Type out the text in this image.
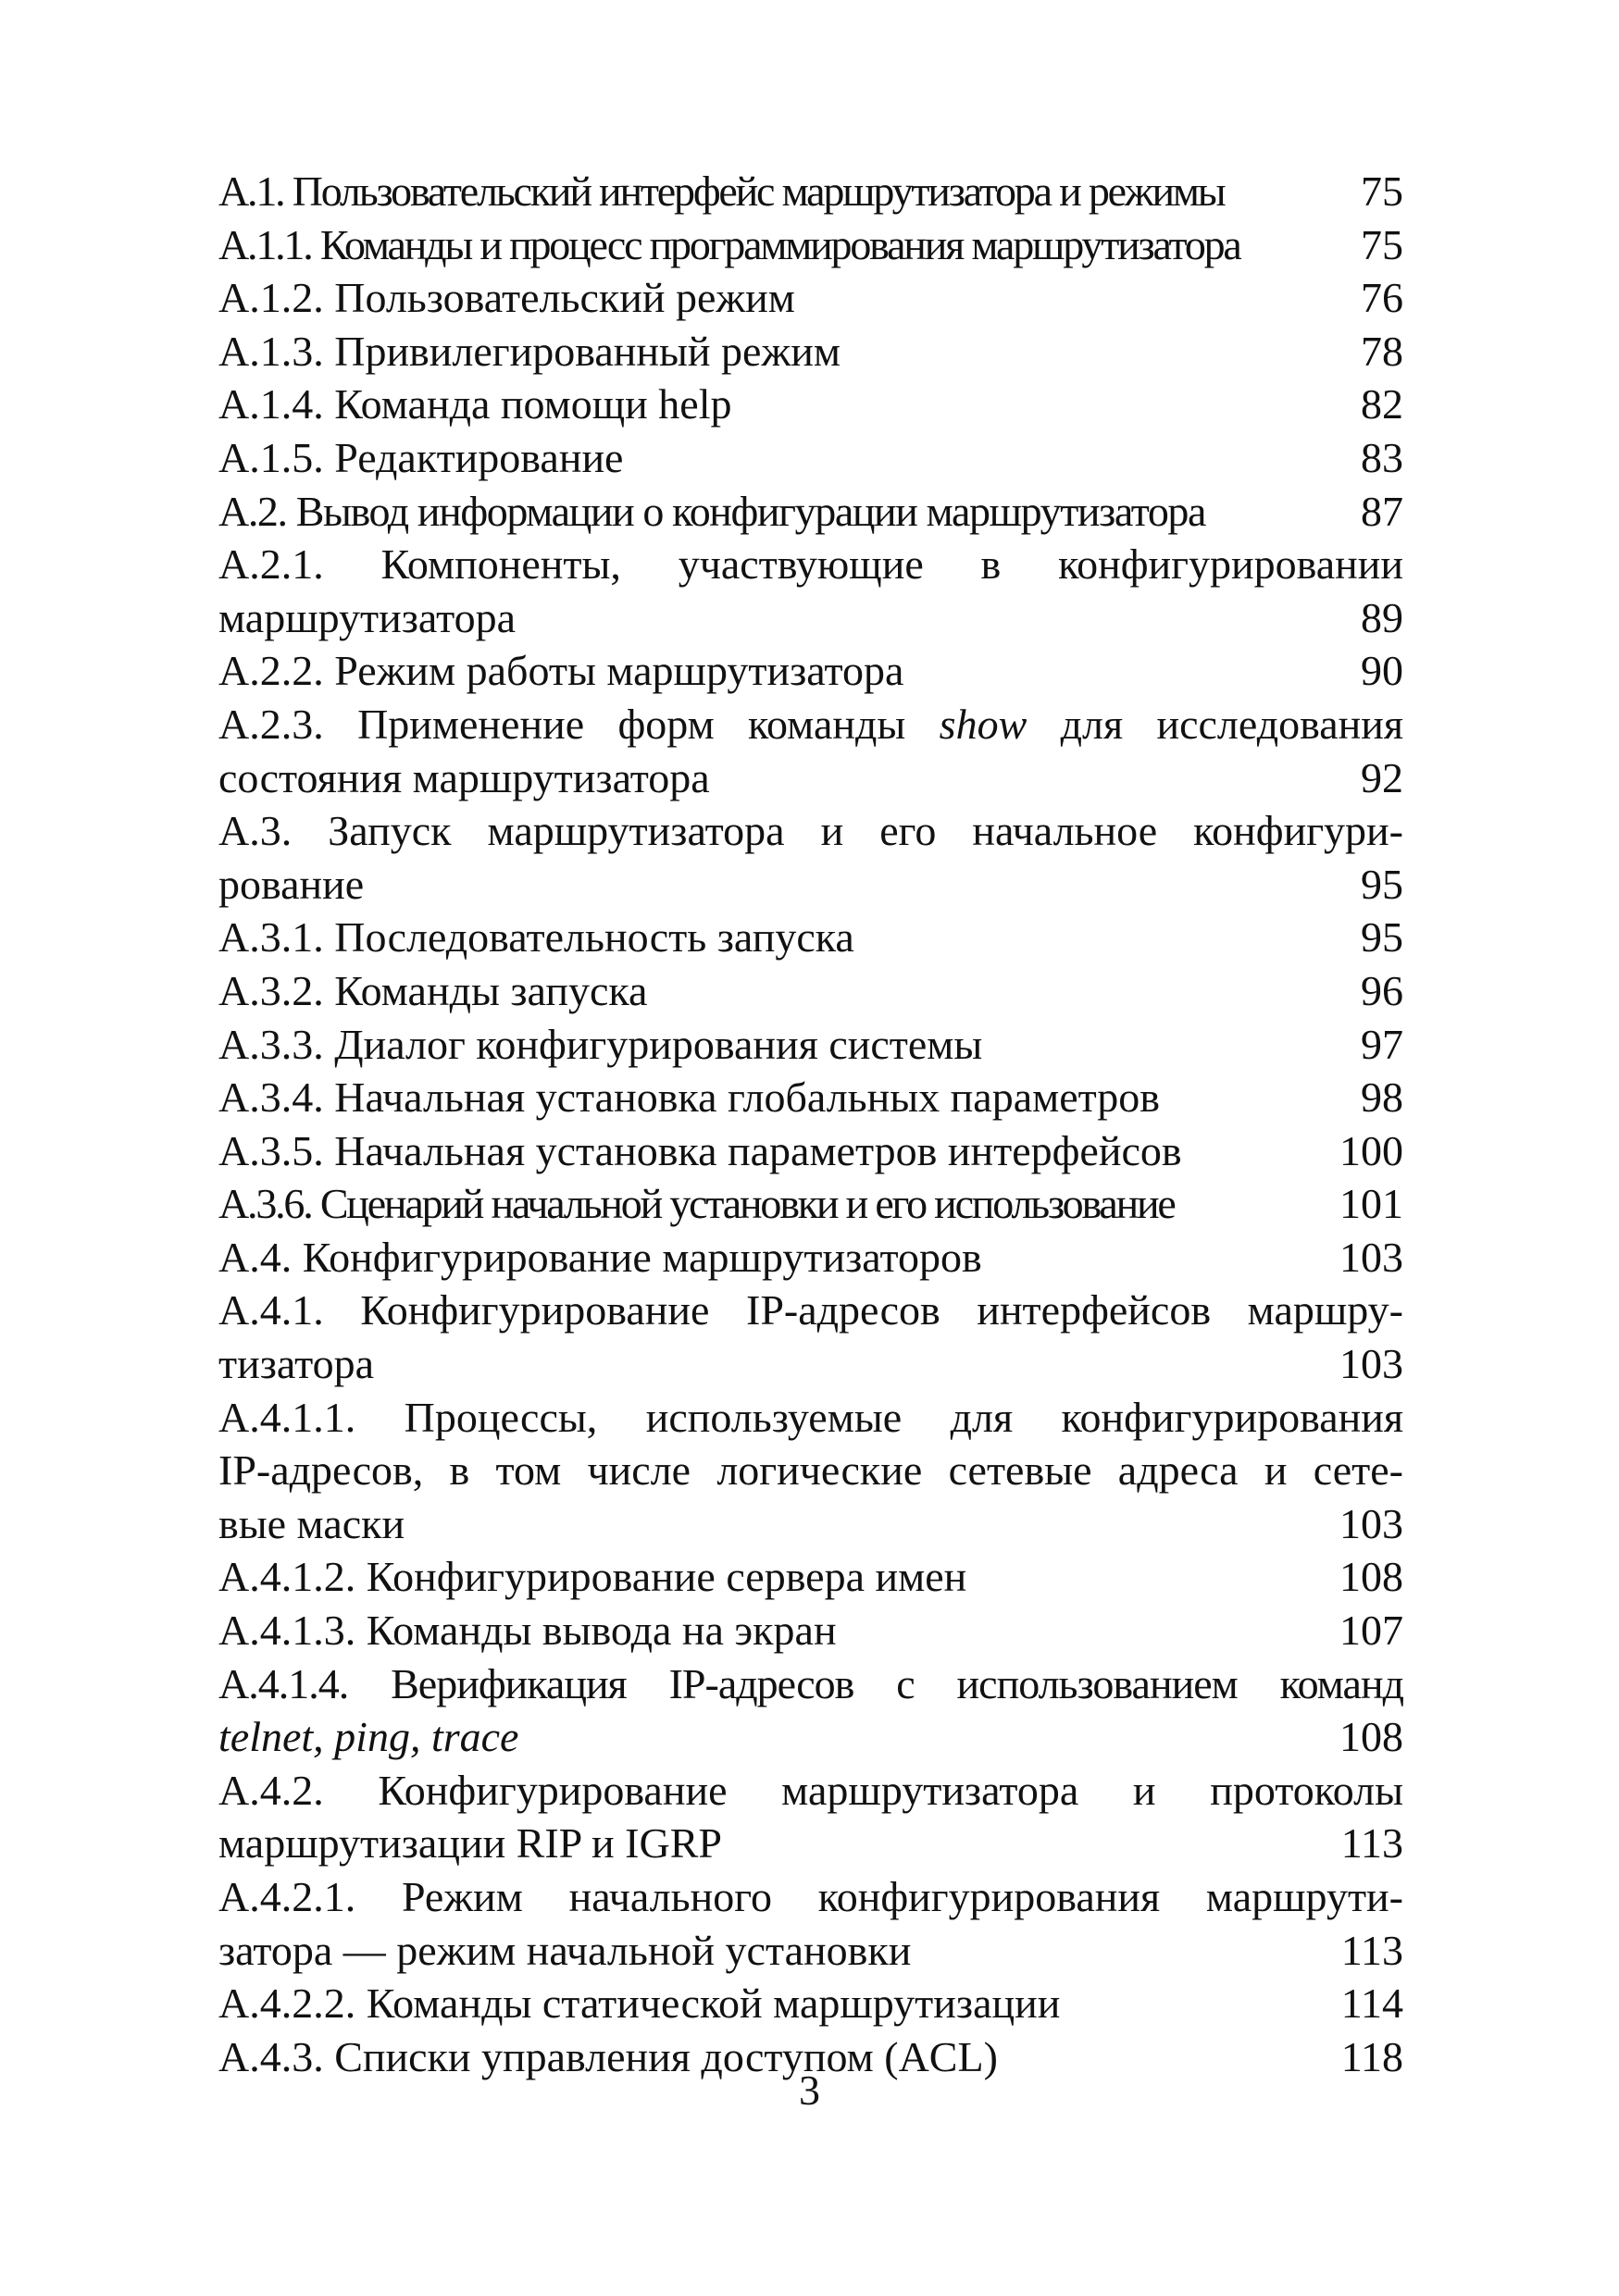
А.1. Пользовательский интерфейс маршрутизатора и режимы	75
А.1.1. Команды и процесс программирования маршрутизатора	75
А.1.2. Пользовательский режим	76
А.1.3. Привилегированный режим	78
А.1.4. Команда помощи help	82
А.1.5. Редактирование	83
А.2. Вывод информации о конфигурации маршрутизатора	87
А.2.1. Компоненты, участвующие в конфигурировании
маршрутизатора	89
А.2.2. Режим работы маршрутизатора	90
А.2.3. Применение форм команды show для исследования
состояния маршрутизатора	92
А.3. Запуск маршрутизатора и его начальное конфигури-
рование	95
А.3.1. Последовательность запуска	95
А.3.2. Команды запуска	96
А.3.3. Диалог конфигурирования системы	97
А.3.4. Начальная установка глобальных параметров	98
А.3.5. Начальная установка параметров интерфейсов	100
А.3.6. Сценарий начальной установки и его использование	101
А.4. Конфигурирование маршрутизаторов	103
А.4.1. Конфигурирование IP-адресов интерфейсов маршру-
тизатора	103
А.4.1.1. Процессы, используемые для конфигурирования
IP-адресов, в том числе логические сетевые адреса и сете-
вые маски	103
А.4.1.2. Конфигурирование сервера имен	108
А.4.1.3. Команды вывода на экран	107
А.4.1.4. Верификация IP-адресов с использованием команд
telnet, ping, trace	108
А.4.2. Конфигурирование маршрутизатора и протоколы
маршрутизации RIP и IGRP	113
А.4.2.1. Режим начального конфигурирования маршрути-
затора — режим начальной установки	113
А.4.2.2. Команды статической маршрутизации	114
А.4.3. Списки управления доступом (ACL)	118
3
